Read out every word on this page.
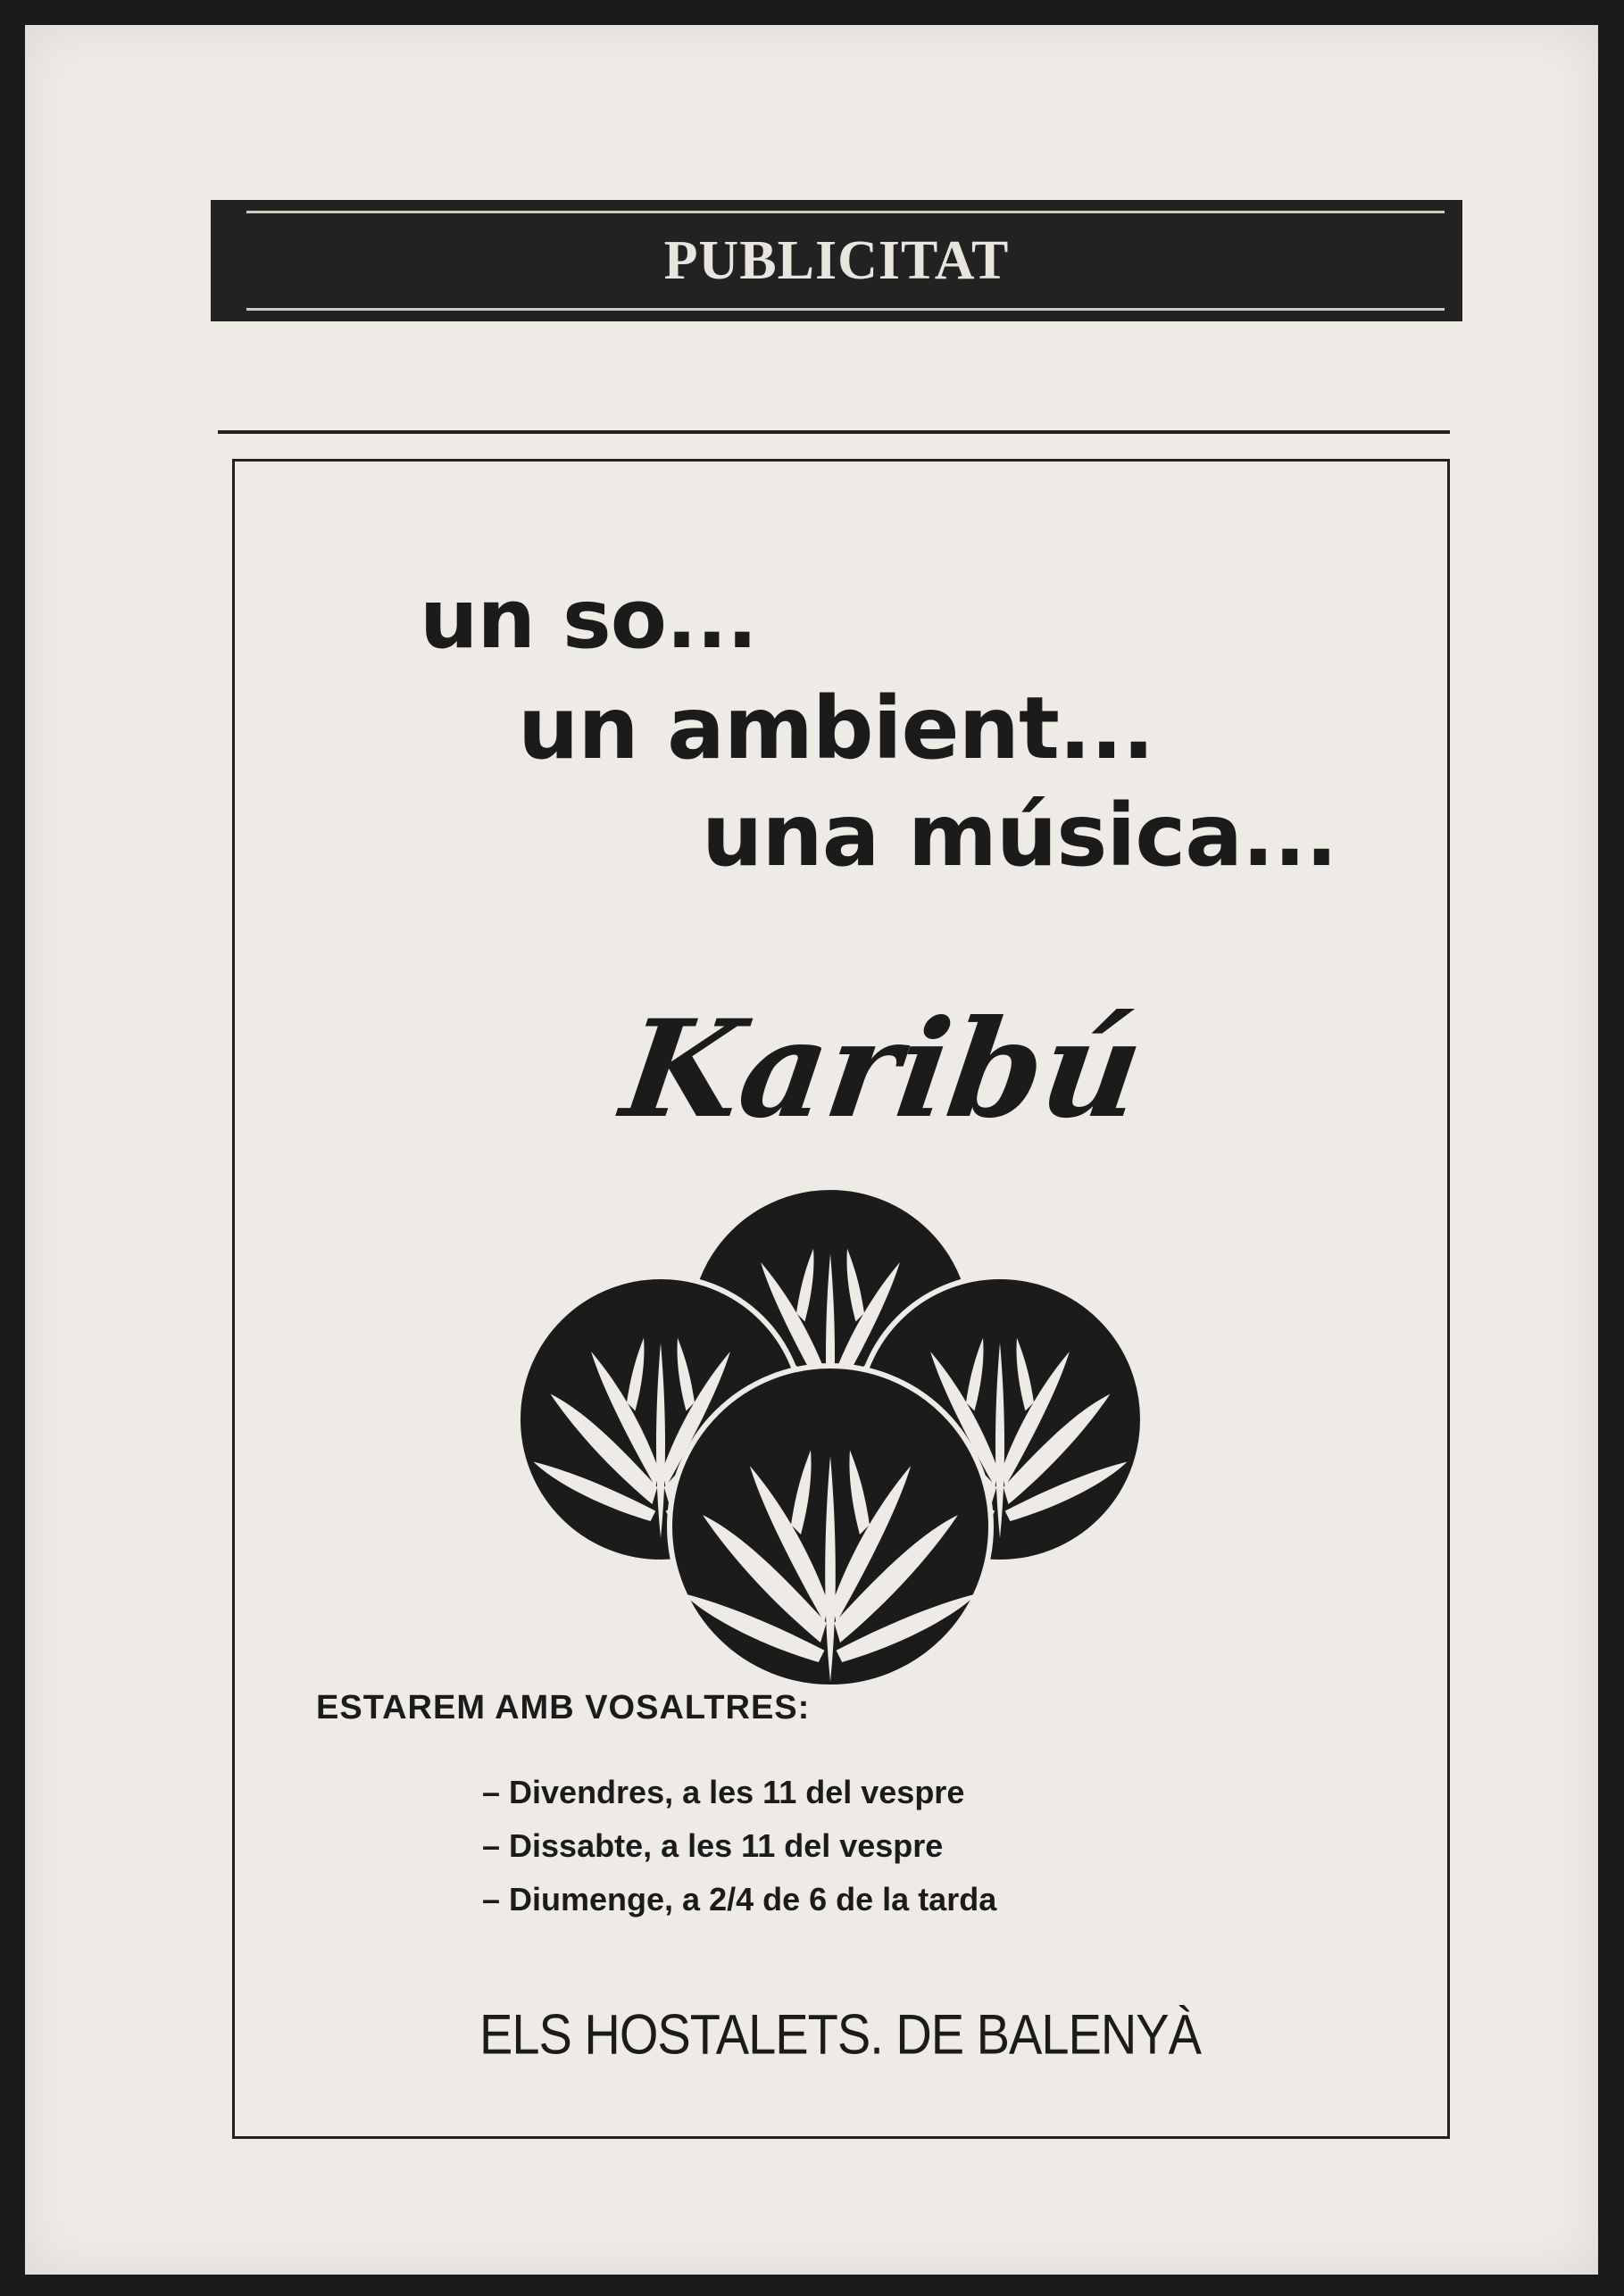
PUBLICITAT
un so...
un ambient...
una música...
Karibú
ESTAREM AMB VOSALTRES:
– Divendres, a les 11 del vespre
– Dissabte, a les 11 del vespre
– Diumenge, a 2/4 de 6 de la tarda
ELS HOSTALETS. DE BALENYÀ
